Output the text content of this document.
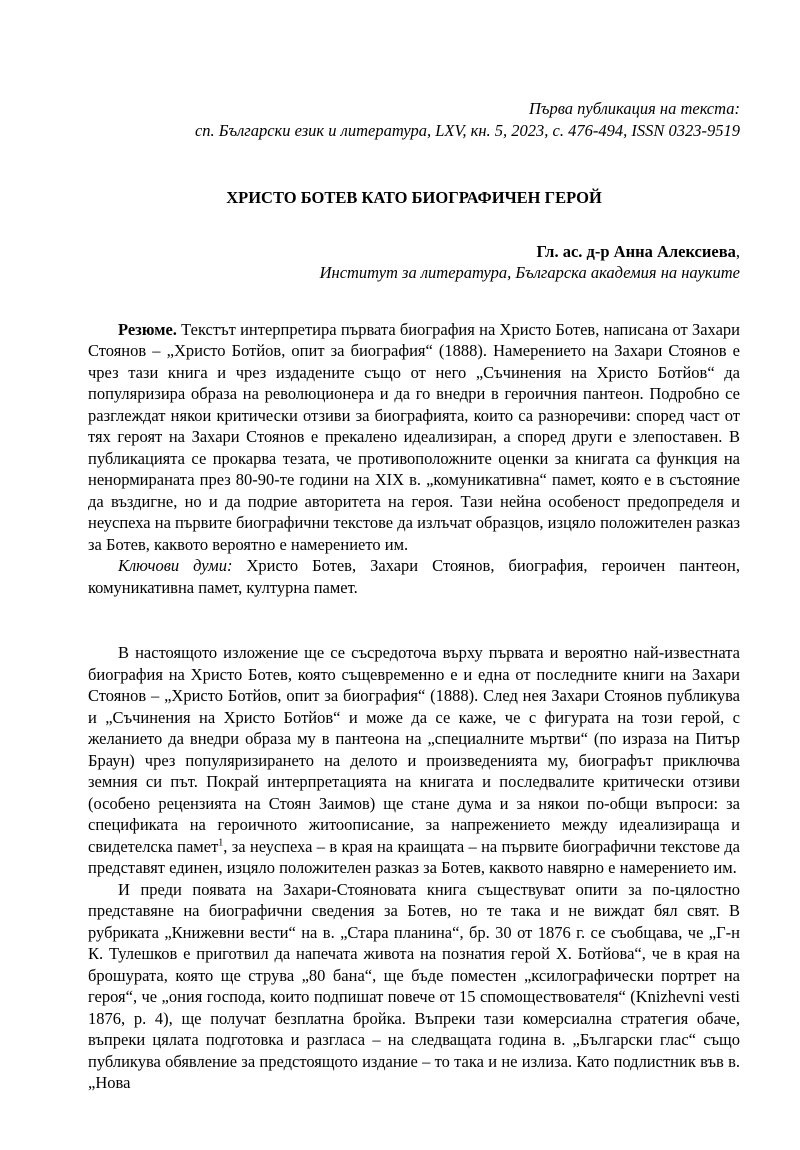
Първа публикация на текста:

сп. Български език и литература, LXV, кн. 5, 2023, с. 476-494, ISSN 0323-9519

ХРИСТО БОТЕВ КАТО БИОГРАФИЧЕН ГЕРОЙ

Гл. ас. д-р Анна Алексиева,
Институт за литература, Българска академия на науките

Резюме. Текстът интерпретира първата биография на Христо Ботев, написана от Захари Стоянов – „Христо Ботйов, опит за биография“ (1888). Намерението на Захари Стоянов е чрез тази книга и чрез издадените също от него „Съчинения на Христо Ботйов“ да популяризира образа на революционера и да го внедри в героичния пантеон. Подробно се разглеждат някои критически отзиви за биографията, които са разноречиви: според част от тях героят на Захари Стоянов е прекалено идеализиран, а според други е злепоставен. В публикацията се прокарва тезата, че противоположните оценки за книгата са функция на ненормираната през 80-90-те години на XIX в. „комуникативна“ памет, която е в състояние да въздигне, но и да подрие авторитета на героя. Тази нейна особеност предопределя и неуспеха на първите биографични текстове да излъчат образцов, изцяло положителен разказ за Ботев, каквото вероятно е намерението им.

Ключови думи: Христо Ботев, Захари Стоянов, биография, героичен пантеон, комуникативна памет, културна памет.

В настоящото изложение ще се съсредоточа върху първата и вероятно най-известната биография на Христо Ботев, която същевременно е и една от последните книги на Захари Стоянов – „Христо Ботйов, опит за биография“ (1888). След нея Захари Стоянов публикува и „Съчинения на Христо Ботйов“ и може да се каже, че с фигурата на този герой, с желанието да внедри образа му в пантеона на „специалните мъртви“ (по израза на Питър Браун) чрез популяризирането на делото и произведенията му, биографът приключва земния си път. Покрай интерпретацията на книгата и последвалите критически отзиви (особено рецензията на Стоян Заимов) ще стане дума и за някои по-общи въпроси: за спецификата на героичното житоописание, за напрежението между идеализираща и свидетелска памет$^1$, за неуспеха – в края на краищата – на първите биографични текстове да представят единен, изцяло положителен разказ за Ботев, каквото навярно е намерението им.

И преди появата на Захари-Стояновата книга съществуват опити за по-цялостно представяне на биографични сведения за Ботев, но те така и не виждат бял свят. В рубриката „Книжевни вести“ на в. „Стара планина“, бр. 30 от 1876 г. се съобщава, че „Г-н К. Тулешков е приготвил да напечата живота на познатия герой Х. Ботйова“, че в края на брошурата, която ще струва „80 бана“, ще бъде поместен „ксилографически портрет на героя“, че „ония господа, които подпишат повече от 15 спомоществователя“ (Knizhevni vesti 1876, p. 4), ще получат безплатна бройка. Въпреки тази комерсиална стратегия обаче, въпреки цялата подготовка и разгласа – на следващата година в. „Български глас“ също публикува обявление за предстоящото издание – то така и не излиза. Като подлистник във в. „Нова
